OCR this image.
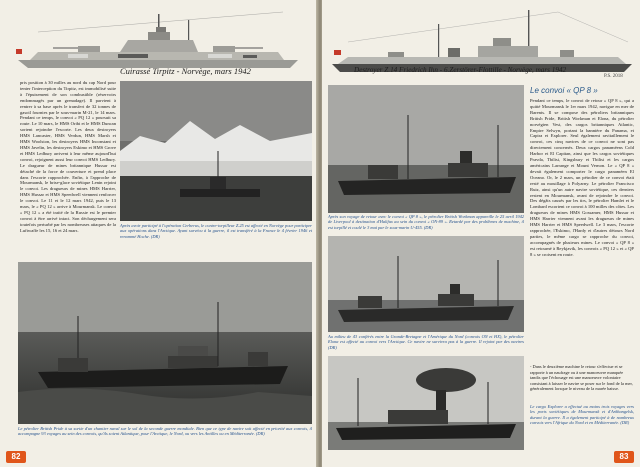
Cuirassé Tirpitz - Norvège, mars 1942

pris position à 30 milles au nord du cap Nord pour tenter l'interception du Tirpitz, est immobilisé suite à l'épuisement de son combustible (réservoirs endommagés par un grenadage). Il parvient à rentrer à sa base après le transfert de 32 tonnes de gasoil fournies par le sous-marin M-21, le 14 mars. Pendant ce temps, le convoi « PQ 12 » poursuit sa route. Le 10 mars, le HMS Oribi et le HMS Duncan sortent rejoindre l'escorte. Les deux destroyers HMS Lancaster, HMS Verdun, HMS Marsh et HMS Woolston, les destroyers HMS Inconstant et HMS Javelin, les destroyers Eskimo et HMS Grove et HMS Ledbury arrivent à leur même aujourd'hui convoi, rejoignent aussi leur convoi HMS Ledbury. Le dragueur de mines britannique Hussar est détaché de la force de couverture et prend place dans l'escorte rapprochée. Enfin, à l'approche de Mourmansk, le brise-glace soviétique Lenin rejoint le convoi. Les dragueurs de mines HMS Harrier, HMS Hussar et HMS Speedwell viennent renforcer le convoi. Le 11 et le 12 mars 1942, puis le 13 mars, le « PQ 12 » arrive à Mourmansk. Le convoi « PQ 12 » a été traité de la Russie est le premier convoi à être arrivé intact. Son déchargement sera toutefois perturbé par les nombreuses attaques de la Luftwaffe les 15, 16 et 24 mars.

Après avoir participé à l'opération Cerberus, le contre-torpilleur Z.25 est affecté en Norvège pour participer aux opérations dans l'Arctique. Ayant survécu à la guerre, il est transféré à la France le 4 février 1946 et renommé Hoche. (DR)
Le pétrolier British Pride à sa sortie d'un chantier naval sur le sol de la seconde guerre mondiale. Bien que ce type de navire soit affecté en priorité aux convois, il accompagne 93 voyages au sein des convois, qu'ils soient Atlantique, pour l'Arctique, le Nord, ou vers les Antilles ou en Méditerranée. (DR)
82
Destroyer Z.14 Friedrich Ihn - 6.Zerstörer-Flottille - Norvège, mars 1942
P.S. 2018
Après son voyage de retour avec le convoi « QP 8 », le pétrolier British Workman appareille le 25 avril 1942 de Liverpool à destination d'Halifax au sein du convoi « ON-89 ». Retardé par des problèmes de machine, il est torpillé et coulé le 3 mai par le sous-marin U-455. (DR)
Le convoi « QP 8 »

Pendant ce temps, le convoi de retour « QP 8 », qui a quitté Mourmansk le 1er mars 1942, navigue en mer de Barents. Il se compose des pétroliers britanniques British Pride, British Workman et Elona, du pétrolier norvégien Vest, des cargos britanniques Atlantic, Empire Selwyn, portant la bannière du Panama, et Capira et Explorer. Seul également ravitaillement le convoi, ces cinq navires de ce convoi ne sont pas directement concernés. Deux cargos panaméens Cold Harbor et El Capitan, ainsi que les cargos soviétiques Pravda, Tbilisi, Kingsbury et Tbilisi et les cargos américains Larrange et Mount Vernon. Le « QP 8 » devait également comporter le cargo panaméen El Oceano. Or, le 2 mars, un pétrolier de ce convoi était resté au mouillage à Polyarny. Le pétrolier Francisco Ruiz, ainsi qu'un autre navire soviétique, ces derniers restent en Mourmansk, avant de rejoindre le convoi. Des dégâts causés par les tirs, le pétrolier Hamlet et le Lombard escortent ce convoi à 100 milles des côtes. Les dragueurs de mines HMS Gossamer, HMS Hussar et HMS Harrier viennent avant les dragueurs de mines HMS Harrier et HMS Speedwell. Le 3 mars, l'escorte rapprochée, l'Eskimo, l'Hardy et d'autres détours Nord parties, le même cargo se rapproche du convoi, accompagnés de plusieurs mines. Le convoi « QP 8 » est retourné à Reykjavik, les convois « PQ 12 » et « QP 8 » se croisent en route.

Au milieu de 43 conférés entre la Grande-Bretagne et l'Amérique du Nord (convois ON et HX), le pétrolier Elona est affecté au convoi vers l'Arctique. Ce navire ne survivra pas à la guerre. Il rejoint par des navires (DR)
- Dans le deuxième machine le retour s'effectue et se rapporte à un naufrage ou à une manoeuvre manquée tandis que l'échouage est une manoeuvre volontaire consistant à laisser le navire se poser sur le fond de la mer, généralement lorsque le niveau de la marée baisse.
Le cargo Explorer a effectué au moins trois voyages vers les ports soviétiques de Mourmansk et d'Arkhangelsk, durant la guerre. Il a également participé à de nombreux convois vers l'Afrique du Nord et en Méditerranée. (DR)
83
